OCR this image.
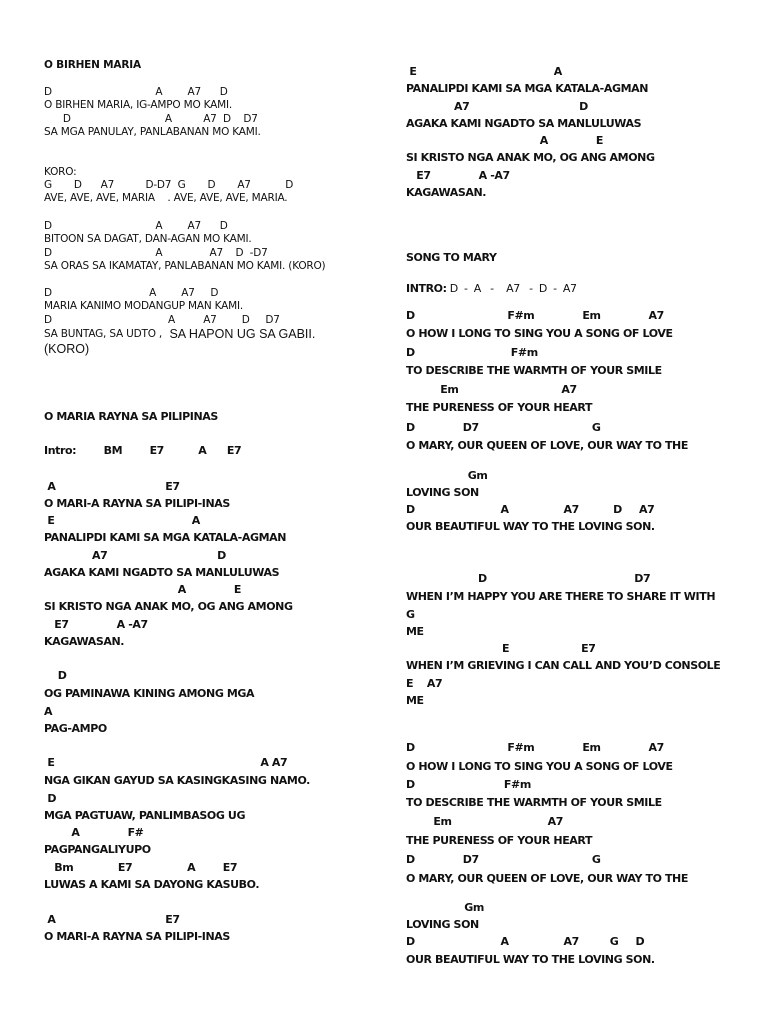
O BIRHEN MARIA
D                                 A        A7      D
O BIRHEN MARIA, IG-AMPO MO KAMI.
D                              A          A7  D    D7
SA MGA PANULAY, PANLABANAN MO KAMI.
KORO:
G       D      A7          D-D7  G       D       A7           D
AVE, AVE, AVE, MARIA    . AVE, AVE, AVE, MARIA.
D                                 A        A7      D
BITOON SA DAGAT, DAN-AGAN MO KAMI.
D                                 A               A7    D  -D7
SA ORAS SA IKAMATAY, PANLABANAN MO KAMI. (KORO)
D                               A        A7     D
MARIA KANIMO MODANGUP MAN KAMI.
D                                     A         A7        D     D7
SA BUNTAG, SA UDTO , SA HAPON UG SA GABII.
(KORO)
O MARIA RAYNA SA PILIPINAS
Intro:        BM        E7          A      E7
A                                E7
O MARI-A RAYNA SA PILIPI-INAS
E                                        A
PANALIPDI KAMI SA MGA KATALA-AGMAN
A7                                D
AGAKA KAMI NGADTO SA MANLULUWAS
A              E
SI KRISTO NGA ANAK MO, OG ANG AMONG
E7              A -A7
KAGAWASAN.
D
OG PAMINAWA KINING AMONG MGA
A
PAG-AMPO
E                                                            A A7
NGA GIKAN GAYUD SA KASINGKASING NAMO.
D
MGA PAGTUAW, PANLIMBASOG UG
A              F#
PAGPANGALIYUPO
Bm             E7                A        E7
LUWAS A KAMI SA DAYONG KASUBO.
A                                E7
O MARI-A RAYNA SA PILIPI-INAS
E                                        A
PANALIPDI KAMI SA MGA KATALA-AGMAN
A7                                D
AGAKA KAMI NGADTO SA MANLULUWAS
A              E
SI KRISTO NGA ANAK MO, OG ANG AMONG
E7              A -A7
KAGAWASAN.
SONG TO MARY
INTRO: D  -  A   -    A7   -  D  -  A7
D                           F#m              Em              A7
O HOW I LONG TO SING YOU A SONG OF LOVE
D                            F#m
TO DESCRIBE THE WARMTH OF YOUR SMILE
Em                              A7
THE PURENESS OF YOUR HEART
D              D7                                 G
O MARY, OUR QUEEN OF LOVE, OUR WAY TO THE
Gm
LOVING SON
D                         A                A7          D     A7
OUR BEAUTIFUL WAY TO THE LOVING SON.
D                                           D7
WHEN I’M HAPPY YOU ARE THERE TO SHARE IT WITH
G
ME
E                     E7
WHEN I’M GRIEVING I CAN CALL AND YOU’D CONSOLE
E    A7
ME
D                           F#m              Em              A7
O HOW I LONG TO SING YOU A SONG OF LOVE
D                          F#m
TO DESCRIBE THE WARMTH OF YOUR SMILE
Em                            A7
THE PURENESS OF YOUR HEART
D              D7                                 G
O MARY, OUR QUEEN OF LOVE, OUR WAY TO THE
Gm
LOVING SON
D                         A                A7         G     D
OUR BEAUTIFUL WAY TO THE LOVING SON.
